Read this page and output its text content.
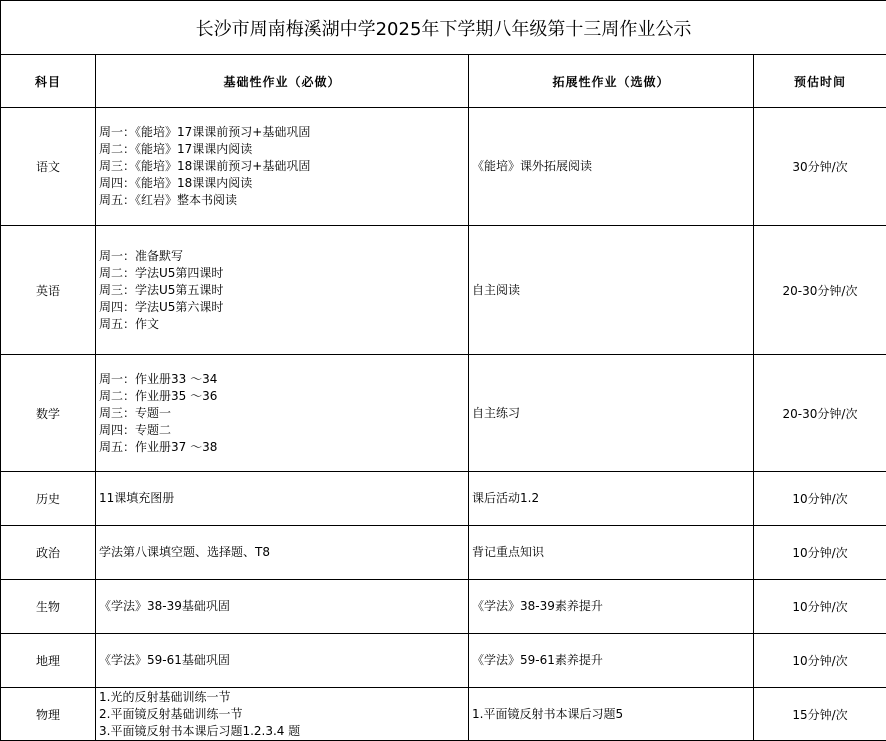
长沙市周南梅溪湖中学2025年下学期八年级第十三周作业公示			
科目	基础性作业（必做）	拓展性作业（选做）	预估时间
语文	周一：《能培》17课课前预习+基础巩固
周二：《能培》17课课内阅读
周三：《能培》18课课前预习+基础巩固
周四：《能培》18课课内阅读
周五：《红岩》整本书阅读	《能培》课外拓展阅读	30分钟/次
英语	周一：准备默写
周二：学法U5第四课时
周三：学法U5第五课时
周四：学法U5第六课时
周五：作文	自主阅读	20-30分钟/次
数学	周一：作业册33 ～34
周二：作业册35 ～36
周三：专题一
周四：专题二
周五：作业册37 ～38	自主练习	20-30分钟/次
历史	11课填充图册	课后活动1.2	10分钟/次
政治	学法第八课填空题、选择题、T8	背记重点知识	10分钟/次
生物	《学法》38-39基础巩固	《学法》38-39素养提升	10分钟/次
地理	《学法》59-61基础巩固	《学法》59-61素养提升	10分钟/次
物理	1.光的反射基础训练一节
2.平面镜反射基础训练一节
3.平面镜反射书本课后习题1.2.3.4 题	1.平面镜反射书本课后习题5	15分钟/次
